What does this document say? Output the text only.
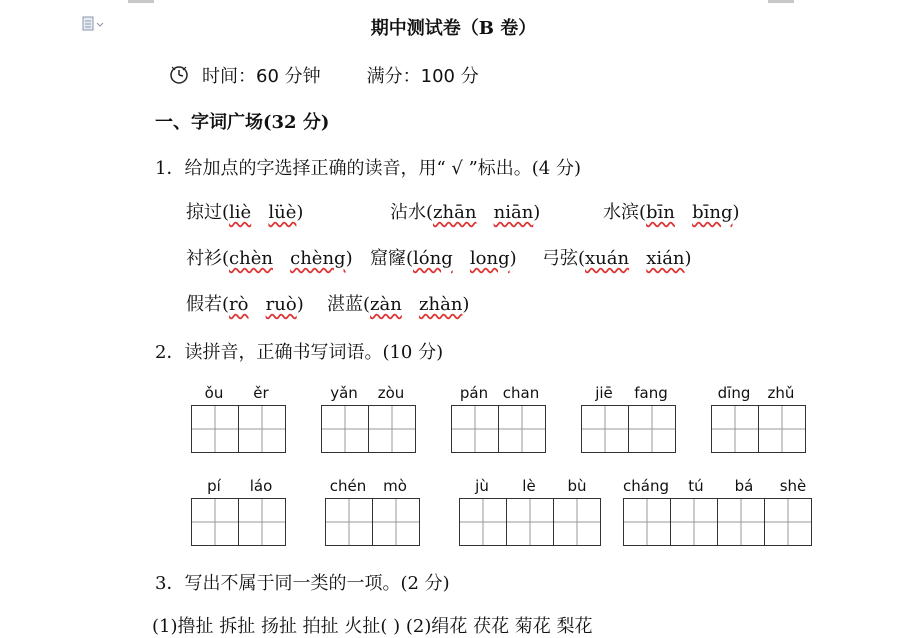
期中测试卷（B 卷）
时间：60 分钟	满分：100 分
一、字词广场(32 分)
1．给加点的字选择正确的读音，用“ √ ”标出。(4 分)
掠过(liè lüè)	沾水(zhān niān)	水滨(bīn bīng)
衬衫(chèn chèng) 窟窿(lóng long) 弓弦(xuán xián)
假若(rò ruò) 湛蓝(zàn zhàn)
2．读拼音，正确书写词语。(10 分)
ǒu ěr	yǎn zòu	pán chan	jiē fang	dīng zhǔ
pí láo	chén mò	jù lè bù cháng tú bá shè
3．写出不属于同一类的一项。(2 分)
(1)撸扯 拆扯 扬扯 拍扯 火扯( ) (2)绢花 茯花 菊花 梨花
